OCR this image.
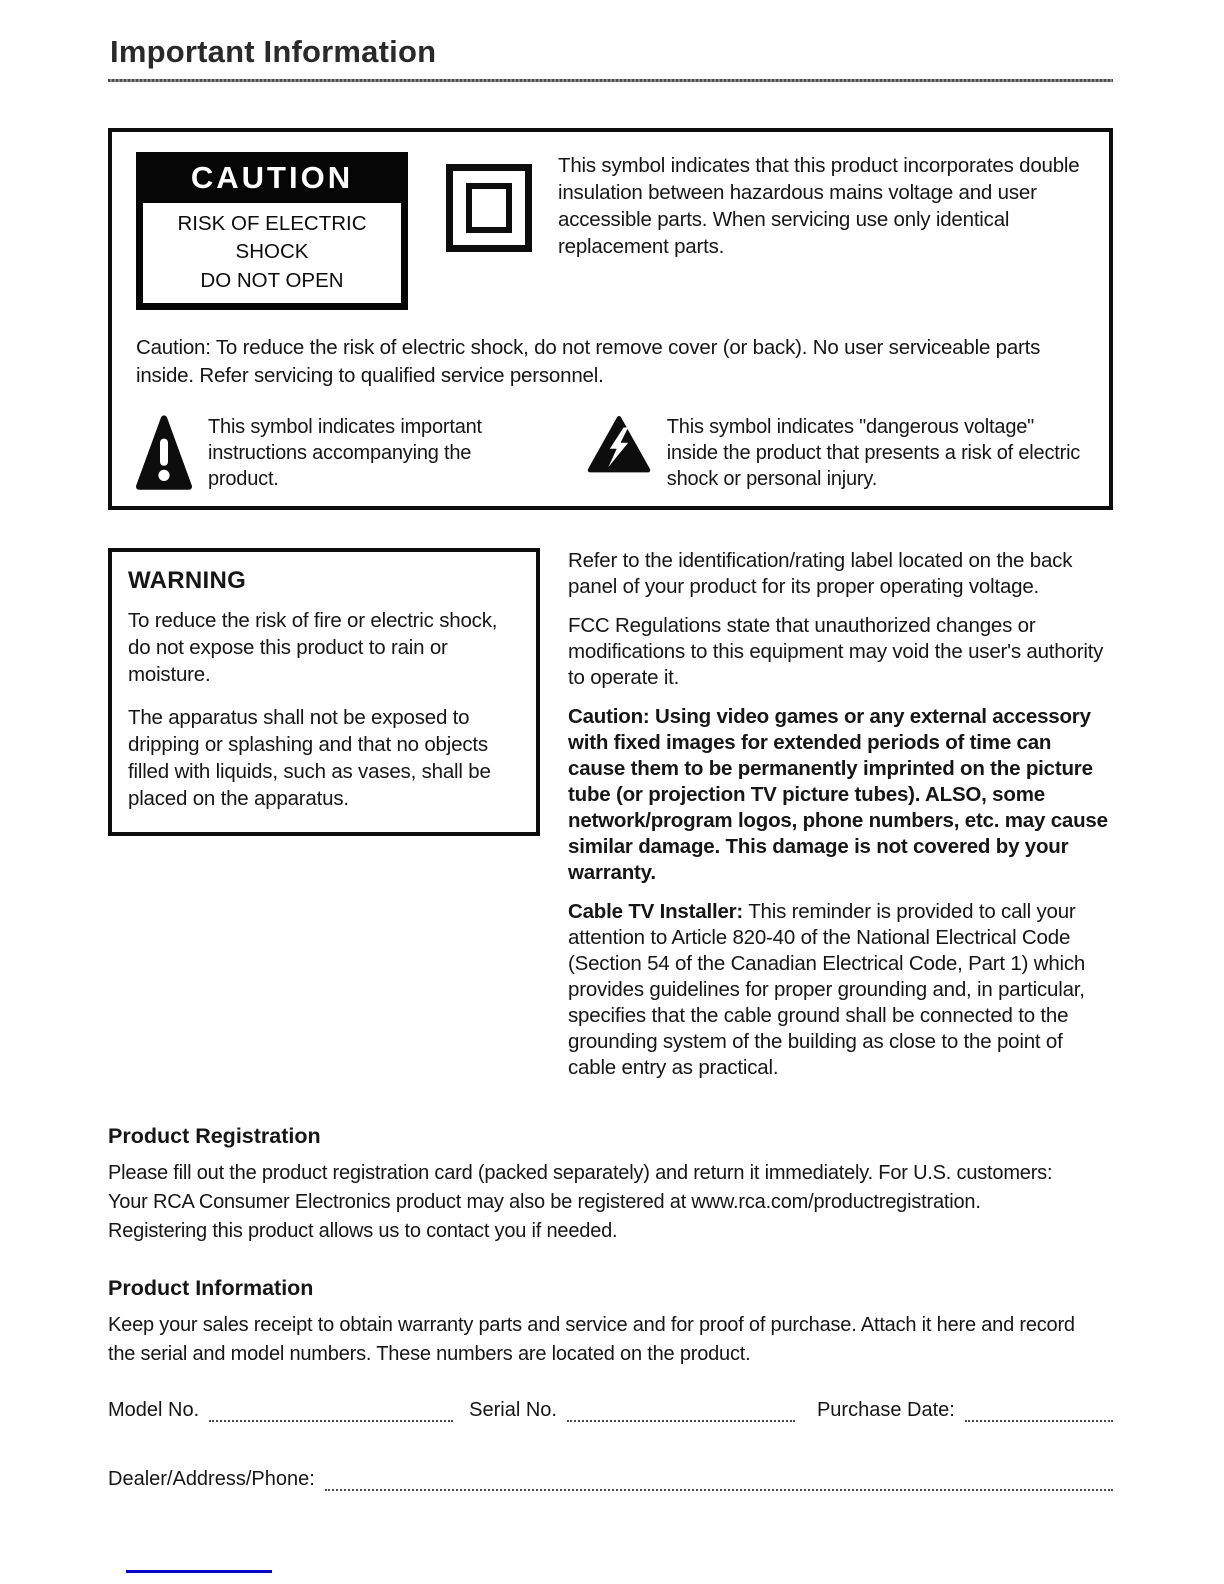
Important Information
CAUTION
RISK OF ELECTRIC SHOCK
DO NOT OPEN
This symbol indicates that this product incorporates double insulation between hazardous mains voltage and user accessible parts. When servicing use only identical replacement parts.
Caution: To reduce the risk of electric shock, do not remove cover (or back). No user serviceable parts inside. Refer servicing to qualified service personnel.
This symbol indicates important instructions accompanying the product.
This symbol indicates "dangerous voltage" inside the product that presents a risk of electric shock or personal injury.
WARNING

To reduce the risk of fire or electric shock, do not expose this product to rain or moisture.

The apparatus shall not be exposed to dripping or splashing and that no objects filled with liquids, such as vases, shall be placed on the apparatus.

Refer to the identification/rating label located on the back panel of your product for its proper operating voltage.

FCC Regulations state that unauthorized changes or modifications to this equipment may void the user's authority to operate it.

Caution: Using video games or any external accessory with fixed images for extended periods of time can cause them to be permanently imprinted on the picture tube (or projection TV picture tubes). ALSO, some network/program logos, phone numbers, etc. may cause similar damage. This damage is not covered by your warranty.

Cable TV Installer: This reminder is provided to call your attention to Article 820-40 of the National Electrical Code (Section 54 of the Canadian Electrical Code, Part 1) which provides guidelines for proper grounding and, in particular, specifies that the cable ground shall be connected to the grounding system of the building as close to the point of cable entry as practical.

Product Registration

Please fill out the product registration card (packed separately) and return it immediately. For U.S. customers: Your RCA Consumer Electronics product may also be registered at www.rca.com/productregistration. Registering this product allows us to contact you if needed.

Product Information

Keep your sales receipt to obtain warranty parts and service and for proof of purchase. Attach it here and record the serial and model numbers. These numbers are located on the product.

Model No.	Serial No.	Purchase Date:
Dealer/Address/Phone:
